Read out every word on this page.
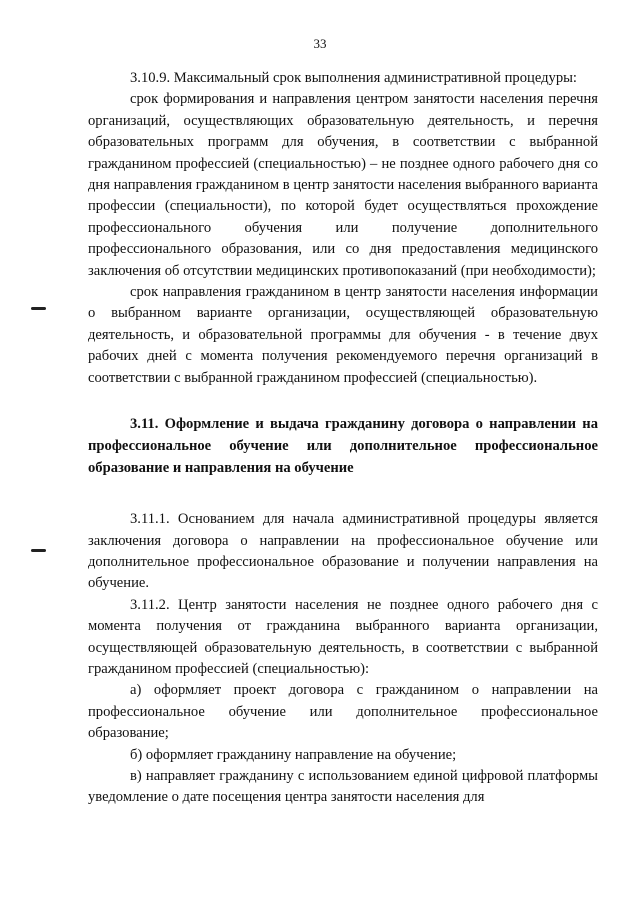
33

3.10.9. Максимальный срок выполнения административной процедуры:

срок формирования и направления центром занятости населения перечня организаций, осуществляющих образовательную деятельность, и перечня образовательных программ для обучения, в соответствии с выбранной гражданином профессией (специальностью) – не позднее одного рабочего дня со дня направления гражданином в центр занятости населения выбранного варианта профессии (специальности), по которой будет осуществляться прохождение профессионального обучения или получение дополнительного профессионального образования, или со дня предоставления медицинского заключения об отсутствии медицинских противопоказаний (при необходимости);

срок направления гражданином в центр занятости населения информации о выбранном варианте организации, осуществляющей образовательную деятельность, и образовательной программы для обучения - в течение двух рабочих дней с момента получения рекомендуемого перечня организаций в соответствии с выбранной гражданином профессией (специальностью).

3.11. Оформление и выдача гражданину договора о направлении на профессиональное обучение или дополнительное профессиональное образование и направления на обучение

3.11.1. Основанием для начала административной процедуры является заключения договора о направлении на профессиональное обучение или дополнительное профессиональное образование и получении направления на обучение.

3.11.2. Центр занятости населения не позднее одного рабочего дня с момента получения от гражданина выбранного варианта организации, осуществляющей образовательную деятельность, в соответствии с выбранной гражданином профессией (специальностью):

а) оформляет проект договора с гражданином о направлении на профессиональное обучение или дополнительное профессиональное образование;

б) оформляет гражданину направление на обучение;

в) направляет гражданину с использованием единой цифровой платформы уведомление о дате посещения центра занятости населения для
